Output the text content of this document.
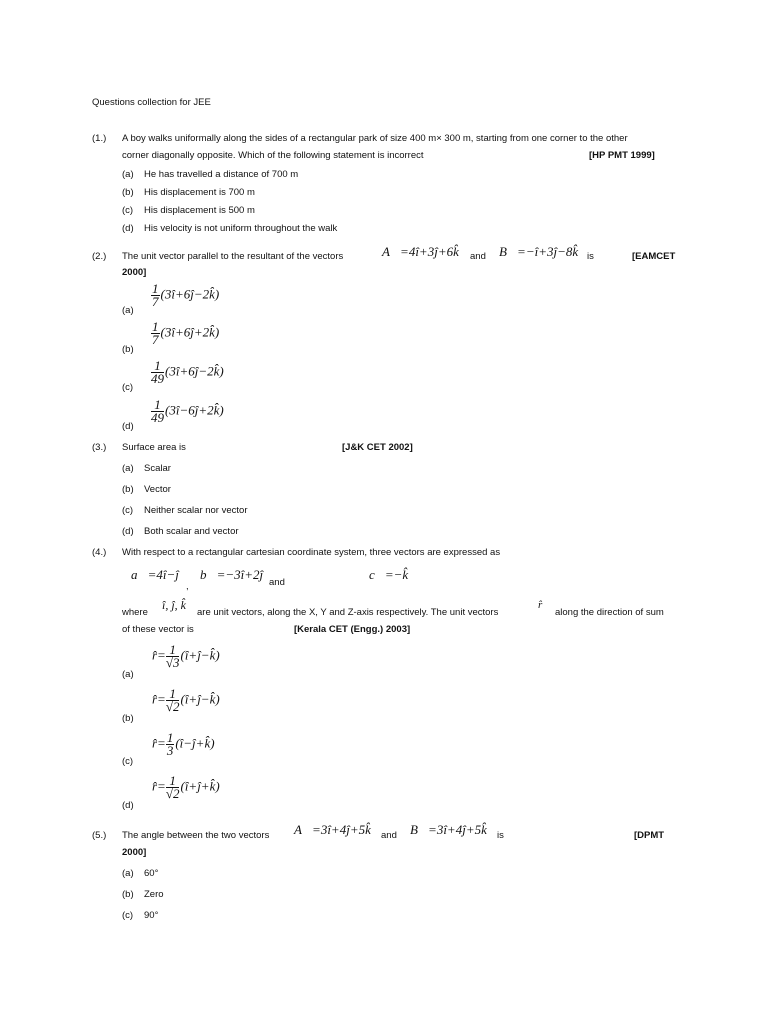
Questions collection for JEE
(1.) A boy walks uniformally along the sides of a rectangular park of size 400 m× 300 m, starting from one corner to the other
corner diagonally opposite. Which of the following statement is incorrect	[HP PMT 1999]
(a) He has travelled a distance of 700 m
(b) His displacement is 700 m
(c) His displacement is 500 m
(d) His velocity is not uniform throughout the walk
(2.) The unit vector parallel to the resultant of the vectors	A⃗=4î+3ĵ+6k̂ and B⃗=−î+3ĵ−8k̂ is	[EAMCET
2000]
(a)
$\frac{1}{7}$ (3î+6ĵ−2k̂)
(b)
$\frac{1}{7}$ (3î+6ĵ+2k̂)
(c)
$\frac{1}{49}$ (3î+6ĵ−2k̂)
(d)
$\frac{1}{49}$ (3î−6ĵ+2k̂)
(3.) Surface area is	[J&K CET 2002]
(a) Scalar
(b) Vector
(c) Neither scalar nor vector
(d) Both scalar and vector
(4.) With respect to a rectangular cartesian coordinate system, three vectors are expressed as
a⃗=4î−ĵ
,
b⃗=−3î+2ĵ
and
c⃗=−k̂
where
î, ĵ, k̂
are unit vectors, along the X, Y and Z-axis respectively. The unit vectors
r̂
along the direction of sum
of these vector is	[Kerala CET (Engg.) 2003]
(a)
r̂= $\frac{1}{√3}$ (î+ĵ−k̂)
(b)
r̂= $\frac{1}{√2}$ (î+ĵ−k̂)
(c)
r̂= $\frac{1}{3}$ (î−ĵ+k̂)
(d)
r̂= $\frac{1}{√2}$ (î+ĵ+k̂)
(5.) The angle between the two vectors A⃗=3î+4ĵ+5k̂ and B⃗=3î+4ĵ+5k̂ is	[DPMT
2000]
(a) 60°
(b) Zero
(c) 90°
